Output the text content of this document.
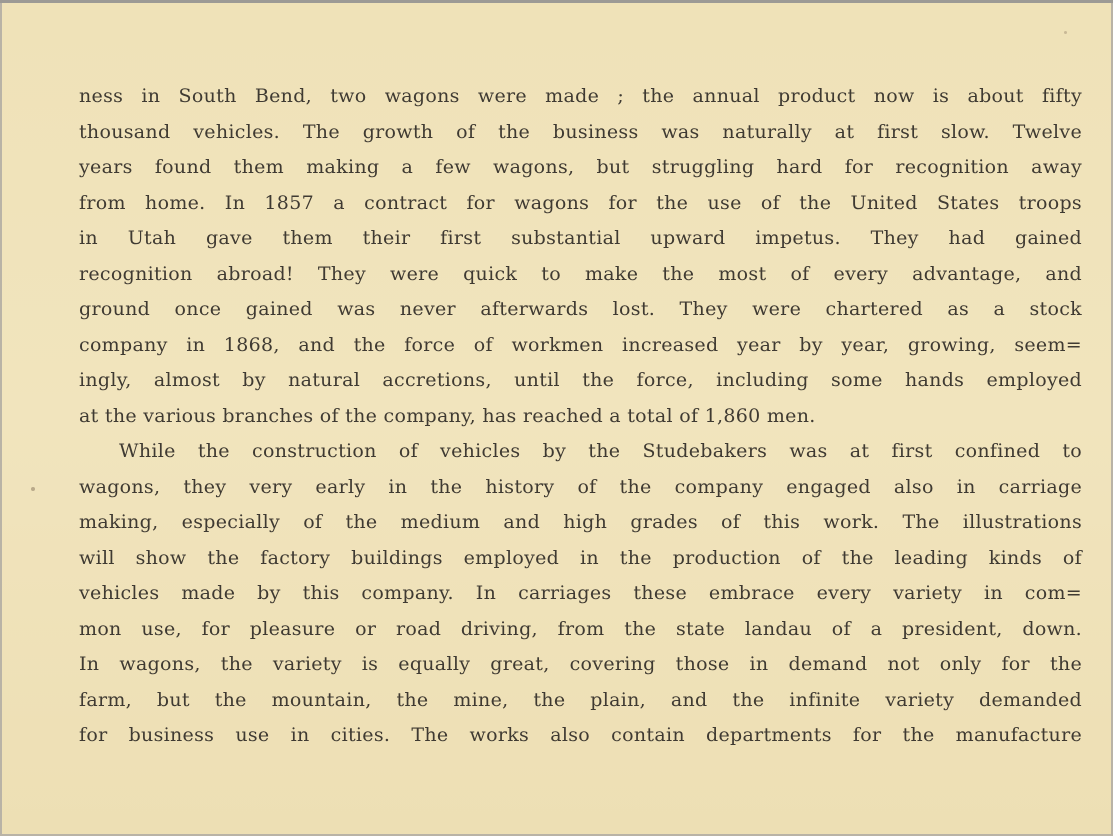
ness in South Bend, two wagons were made ; the annual product now is about fifty
thousand vehicles. The growth of the business was naturally at first slow. Twelve
years found them making a few wagons, but struggling hard for recognition away
from home. In 1857 a contract for wagons for the use of the United States troops
in Utah gave them their first substantial upward impetus. They had gained
recognition abroad! They were quick to make the most of every advantage, and
ground once gained was never afterwards lost. They were chartered as a stock
company in 1868, and the force of workmen increased year by year, growing, seem=
ingly, almost by natural accretions, until the force, including some hands employed
at the various branches of the company, has reached a total of 1,860 men.
While the construction of vehicles by the Studebakers was at first confined to
wagons, they very early in the history of the company engaged also in carriage
making, especially of the medium and high grades of this work. The illustrations
will show the factory buildings employed in the production of the leading kinds of
vehicles made by this company. In carriages these embrace every variety in com=
mon use, for pleasure or road driving, from the state landau of a president, down.
In wagons, the variety is equally great, covering those in demand not only for the
farm, but the mountain, the mine, the plain, and the infinite variety demanded
for business use in cities. The works also contain departments for the manufacture
